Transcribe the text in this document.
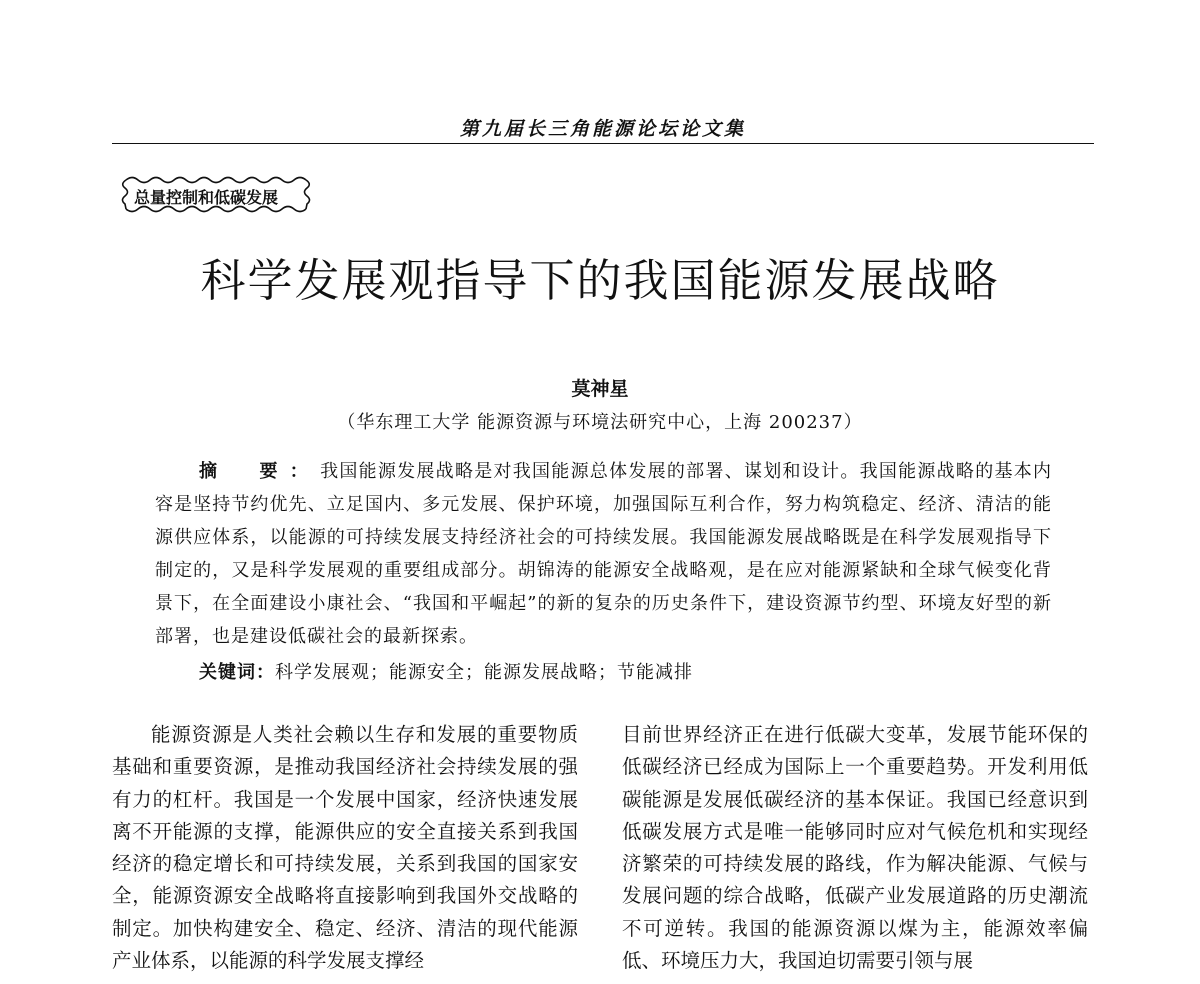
第九届长三角能源论坛论文集
总量控制和低碳发展
科学发展观指导下的我国能源发展战略
莫神星
（华东理工大学 能源资源与环境法研究中心，上海 200237）
摘　要：我国能源发展战略是对我国能源总体发展的部署、谋划和设计。我国能源战略的基本内容是坚持节约优先、立足国内、多元发展、保护环境，加强国际互利合作，努力构筑稳定、经济、清洁的能源供应体系，以能源的可持续发展支持经济社会的可持续发展。我国能源发展战略既是在科学发展观指导下制定的，又是科学发展观的重要组成部分。胡锦涛的能源安全战略观，是在应对能源紧缺和全球气候变化背景下，在全面建设小康社会、“我国和平崛起”的新的复杂的历史条件下，建设资源节约型、环境友好型的新部署，也是建设低碳社会的最新探索。
关键词：科学发展观；能源安全；能源发展战略；节能减排
能源资源是人类社会赖以生存和发展的重要物质基础和重要资源，是推动我国经济社会持续发展的强有力的杠杆。我国是一个发展中国家，经济快速发展离不开能源的支撑，能源供应的安全直接关系到我国经济的稳定增长和可持续发展，关系到我国的国家安全，能源资源安全战略将直接影响到我国外交战略的制定。加快构建安全、稳定、经济、清洁的现代能源产业体系，以能源的科学发展支撑经
目前世界经济正在进行低碳大变革，发展节能环保的低碳经济已经成为国际上一个重要趋势。开发利用低碳能源是发展低碳经济的基本保证。我国已经意识到低碳发展方式是唯一能够同时应对气候危机和实现经济繁荣的可持续发展的路线，作为解决能源、气候与发展问题的综合战略，低碳产业发展道路的历史潮流不可逆转。我国的能源资源以煤为主，能源效率偏低、环境压力大，我国迫切需要引领与展
